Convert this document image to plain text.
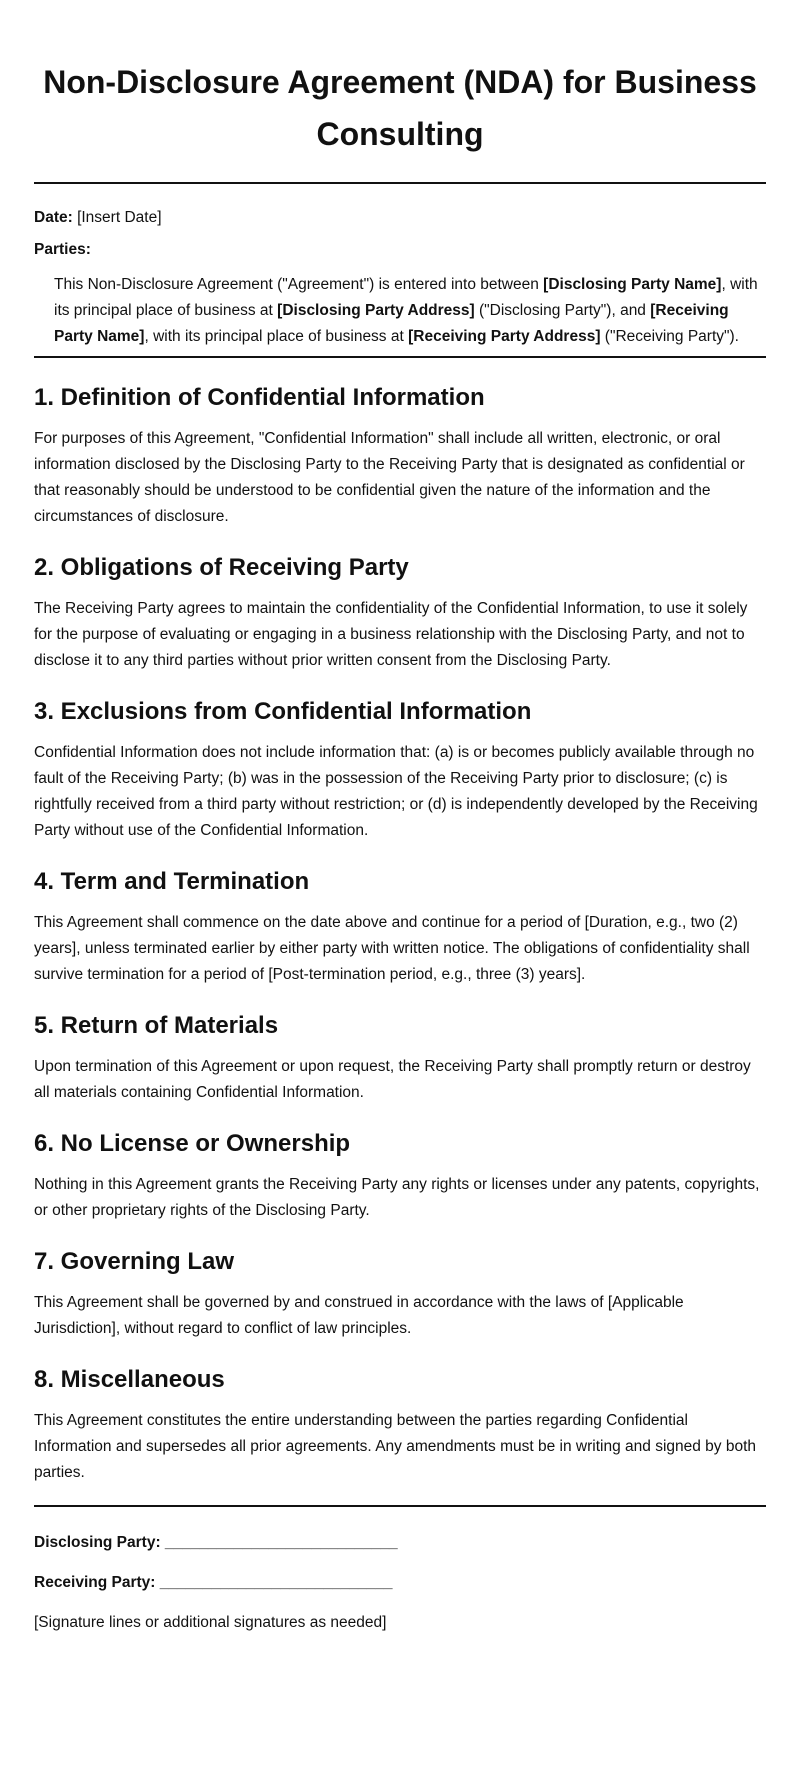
Non-Disclosure Agreement (NDA) for Business Consulting

Date: [Insert Date]

Parties:

This Non-Disclosure Agreement ("Agreement") is entered into between [Disclosing Party Name], with its principal place of business at [Disclosing Party Address] ("Disclosing Party"), and [Receiving Party Name], with its principal place of business at [Receiving Party Address] ("Receiving Party").

1. Definition of Confidential Information

For purposes of this Agreement, "Confidential Information" shall include all written, electronic, or oral information disclosed by the Disclosing Party to the Receiving Party that is designated as confidential or that reasonably should be understood to be confidential given the nature of the information and the circumstances of disclosure.

2. Obligations of Receiving Party

The Receiving Party agrees to maintain the confidentiality of the Confidential Information, to use it solely for the purpose of evaluating or engaging in a business relationship with the Disclosing Party, and not to disclose it to any third parties without prior written consent from the Disclosing Party.

3. Exclusions from Confidential Information

Confidential Information does not include information that: (a) is or becomes publicly available through no fault of the Receiving Party; (b) was in the possession of the Receiving Party prior to disclosure; (c) is rightfully received from a third party without restriction; or (d) is independently developed by the Receiving Party without use of the Confidential Information.

4. Term and Termination

This Agreement shall commence on the date above and continue for a period of [Duration, e.g., two (2) years], unless terminated earlier by either party with written notice. The obligations of confidentiality shall survive termination for a period of [Post-termination period, e.g., three (3) years].

5. Return of Materials

Upon termination of this Agreement or upon request, the Receiving Party shall promptly return or destroy all materials containing Confidential Information.

6. No License or Ownership

Nothing in this Agreement grants the Receiving Party any rights or licenses under any patents, copyrights, or other proprietary rights of the Disclosing Party.

7. Governing Law

This Agreement shall be governed by and construed in accordance with the laws of [Applicable Jurisdiction], without regard to conflict of law principles.

8. Miscellaneous

This Agreement constitutes the entire understanding between the parties regarding Confidential Information and supersedes all prior agreements. Any amendments must be in writing and signed by both parties.

Disclosing Party: ___________________________

Receiving Party: ___________________________

[Signature lines or additional signatures as needed]
